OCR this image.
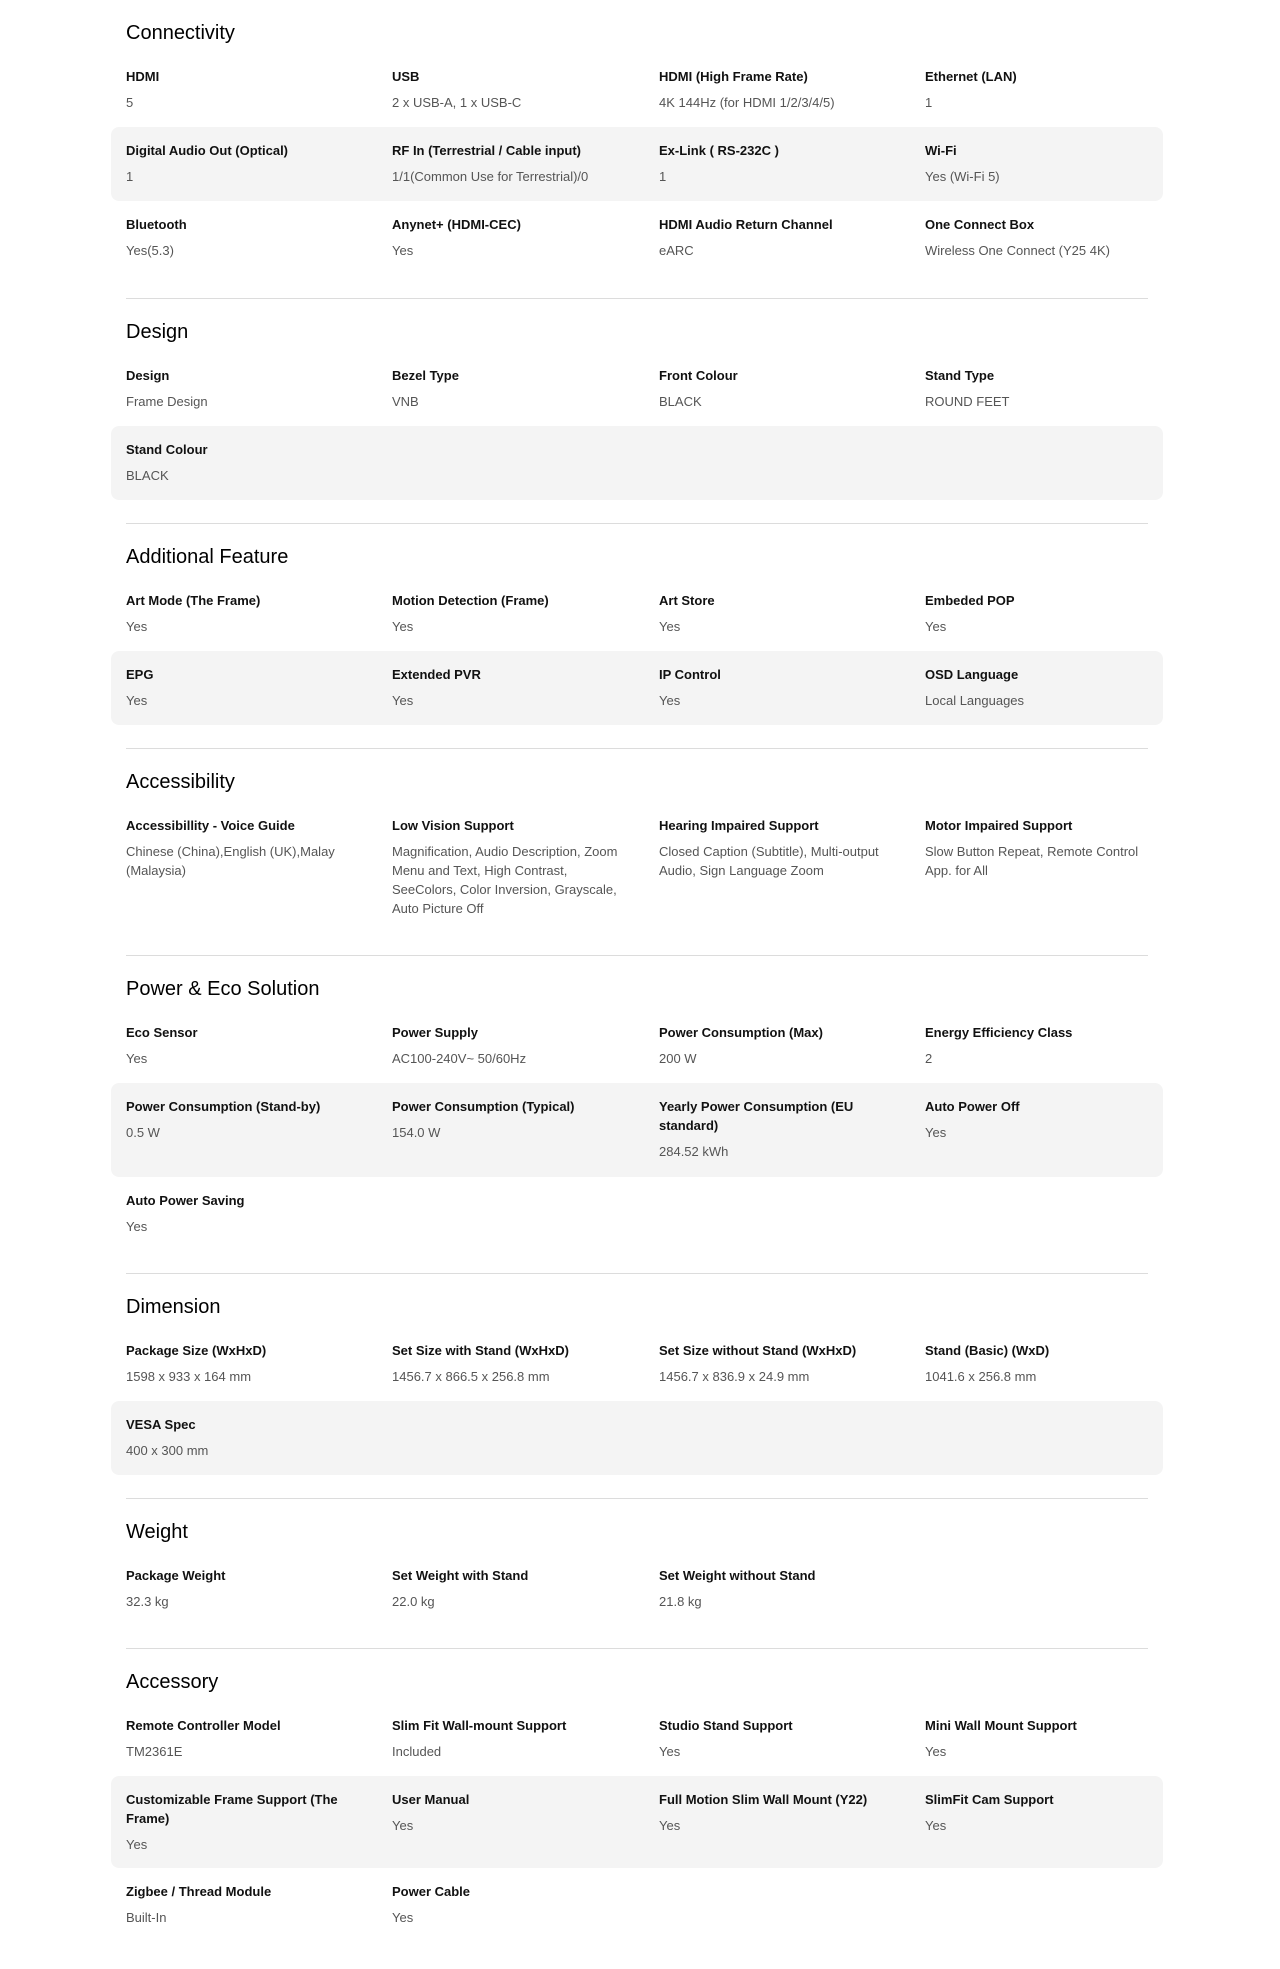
Connectivity
HDMI
5
USB
2 x USB-A, 1 x USB-C
HDMI (High Frame Rate)
4K 144Hz (for HDMI 1/2/3/4/5)
Ethernet (LAN)
1
Digital Audio Out (Optical)
1
RF In (Terrestrial / Cable input)
1/1(Common Use for Terrestrial)/0
Ex-Link ( RS-232C )
1
Wi-Fi
Yes (Wi-Fi 5)
Bluetooth
Yes(5.3)
Anynet+ (HDMI-CEC)
Yes
HDMI Audio Return Channel
eARC
One Connect Box
Wireless One Connect (Y25 4K)
Design
Design
Frame Design
Bezel Type
VNB
Front Colour
BLACK
Stand Type
ROUND FEET
Stand Colour
BLACK
Additional Feature
Art Mode (The Frame)
Yes
Motion Detection (Frame)
Yes
Art Store
Yes
Embeded POP
Yes
EPG
Yes
Extended PVR
Yes
IP Control
Yes
OSD Language
Local Languages
Accessibility
Accessibillity - Voice Guide
Chinese (China),English (UK),Malay (Malaysia)
Low Vision Support
Magnification, Audio Description, Zoom Menu and Text, High Contrast, SeeColors, Color Inversion, Grayscale, Auto Picture Off
Hearing Impaired Support
Closed Caption (Subtitle), Multi-output Audio, Sign Language Zoom
Motor Impaired Support
Slow Button Repeat, Remote Control App. for All
Power & Eco Solution
Eco Sensor
Yes
Power Supply
AC100-240V~ 50/60Hz
Power Consumption (Max)
200 W
Energy Efficiency Class
2
Power Consumption (Stand-by)
0.5 W
Power Consumption (Typical)
154.0 W
Yearly Power Consumption (EU standard)
284.52 kWh
Auto Power Off
Yes
Auto Power Saving
Yes
Dimension
Package Size (WxHxD)
1598 x 933 x 164 mm
Set Size with Stand (WxHxD)
1456.7 x 866.5 x 256.8 mm
Set Size without Stand (WxHxD)
1456.7 x 836.9 x 24.9 mm
Stand (Basic) (WxD)
1041.6 x 256.8 mm
VESA Spec
400 x 300 mm
Weight
Package Weight
32.3 kg
Set Weight with Stand
22.0 kg
Set Weight without Stand
21.8 kg
Accessory
Remote Controller Model
TM2361E
Slim Fit Wall-mount Support
Included
Studio Stand Support
Yes
Mini Wall Mount Support
Yes
Customizable Frame Support (The Frame)
Yes
User Manual
Yes
Full Motion Slim Wall Mount (Y22)
Yes
SlimFit Cam Support
Yes
Zigbee / Thread Module
Built-In
Power Cable
Yes
